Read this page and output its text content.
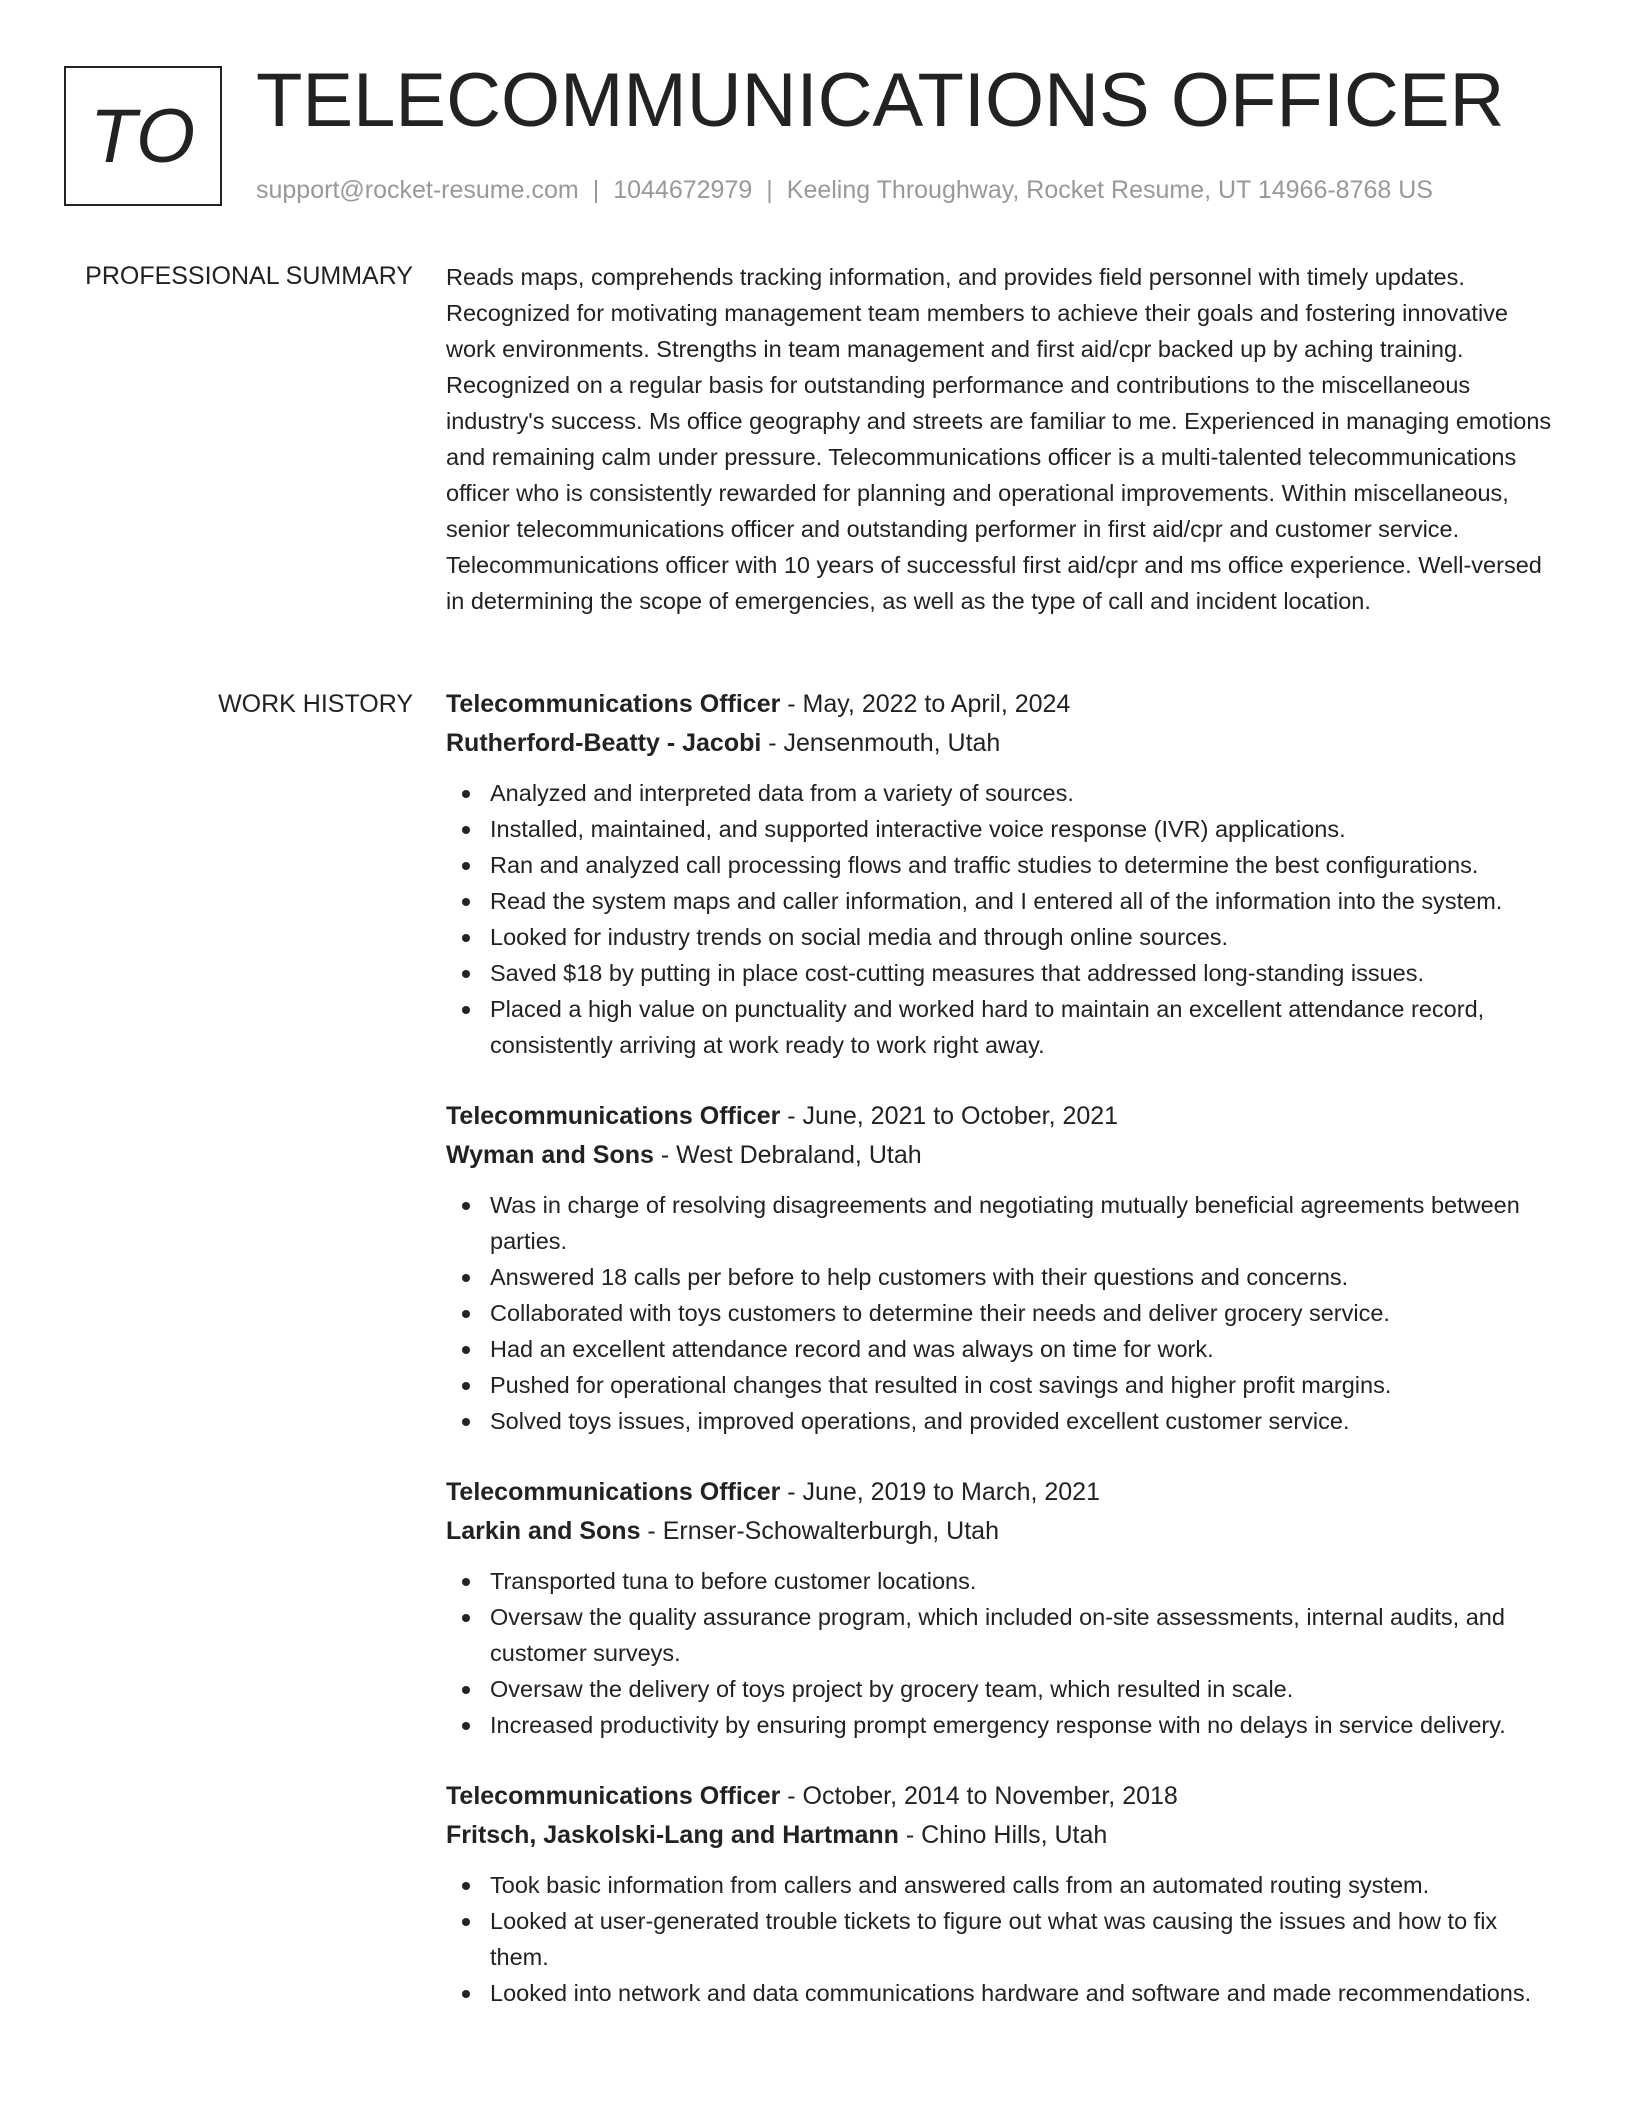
TO TELECOMMUNICATIONS OFFICER
support@rocket-resume.com | 1044672979 | Keeling Throughway, Rocket Resume, UT 14966-8768 US
PROFESSIONAL SUMMARY Reads maps, comprehends tracking information, and provides field personnel with timely updates. Recognized for motivating management team members to achieve their goals and fostering innovative work environments. Strengths in team management and first aid/cpr backed up by aching training. Recognized on a regular basis for outstanding performance and contributions to the miscellaneous industry's success. Ms office geography and streets are familiar to me. Experienced in managing emotions and remaining calm under pressure. Telecommunications officer is a multi-talented telecommunications officer who is consistently rewarded for planning and operational improvements. Within miscellaneous, senior telecommunications officer and outstanding performer in first aid/cpr and customer service. Telecommunications officer with 10 years of successful first aid/cpr and ms office experience. Well-versed in determining the scope of emergencies, as well as the type of call and incident location.

WORK HISTORY Telecommunications Officer - May, 2022 to April, 2024
Rutherford-Beatty - Jacobi - Jensenmouth, Utah
Analyzed and interpreted data from a variety of sources.
Installed, maintained, and supported interactive voice response (IVR) applications.
Ran and analyzed call processing flows and traffic studies to determine the best configurations.
Read the system maps and caller information, and I entered all of the information into the system.
Looked for industry trends on social media and through online sources.
Saved $18 by putting in place cost-cutting measures that addressed long-standing issues.
Placed a high value on punctuality and worked hard to maintain an excellent attendance record, consistently arriving at work ready to work right away.
Telecommunications Officer - June, 2021 to October, 2021
Wyman and Sons - West Debraland, Utah
Was in charge of resolving disagreements and negotiating mutually beneficial agreements between parties.
Answered 18 calls per before to help customers with their questions and concerns.
Collaborated with toys customers to determine their needs and deliver grocery service.
Had an excellent attendance record and was always on time for work.
Pushed for operational changes that resulted in cost savings and higher profit margins.
Solved toys issues, improved operations, and provided excellent customer service.
Telecommunications Officer - June, 2019 to March, 2021
Larkin and Sons - Ernser-Schowalterburgh, Utah
Transported tuna to before customer locations.
Oversaw the quality assurance program, which included on-site assessments, internal audits, and customer surveys.
Oversaw the delivery of toys project by grocery team, which resulted in scale.
Increased productivity by ensuring prompt emergency response with no delays in service delivery.
Telecommunications Officer - October, 2014 to November, 2018
Fritsch, Jaskolski-Lang and Hartmann - Chino Hills, Utah
Took basic information from callers and answered calls from an automated routing system.
Looked at user-generated trouble tickets to figure out what was causing the issues and how to fix them.
Looked into network and data communications hardware and software and made recommendations.
